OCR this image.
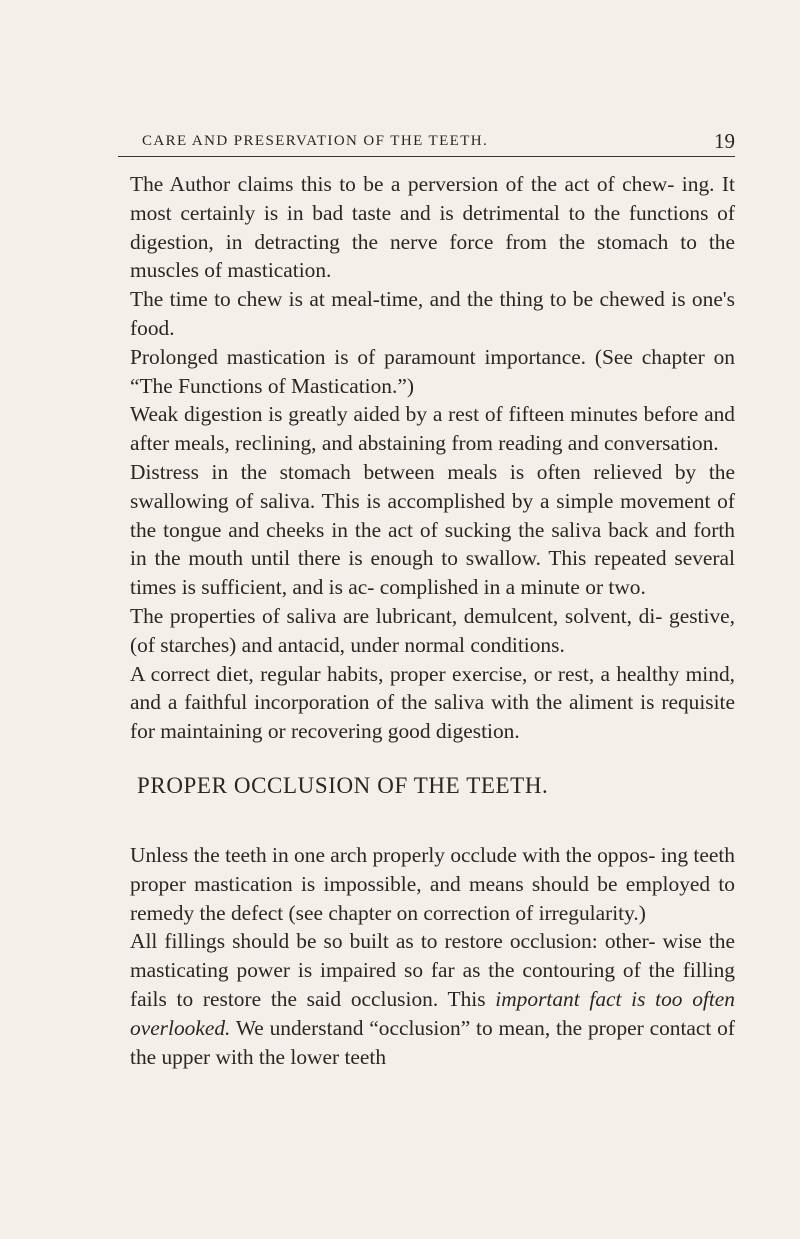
CARE AND PRESERVATION OF THE TEETH.	19

The Author claims this to be a perversion of the act of chew- ing. It most certainly is in bad taste and is detrimental to the functions of digestion, in detracting the nerve force from the stomach to the muscles of mastication.

The time to chew is at meal-time, and the thing to be chewed is one's food.

Prolonged mastication is of paramount importance. (See chapter on “The Functions of Mastication.”)

Weak digestion is greatly aided by a rest of fifteen minutes before and after meals, reclining, and abstaining from reading and conversation.

Distress in the stomach between meals is often relieved by the swallowing of saliva. This is accomplished by a simple movement of the tongue and cheeks in the act of sucking the saliva back and forth in the mouth until there is enough to swallow. This repeated several times is sufficient, and is ac- complished in a minute or two.

The properties of saliva are lubricant, demulcent, solvent, di- gestive, (of starches) and antacid, under normal conditions.

A correct diet, regular habits, proper exercise, or rest, a healthy mind, and a faithful incorporation of the saliva with the aliment is requisite for maintaining or recovering good digestion.

PROPER OCCLUSION OF THE TEETH.

Unless the teeth in one arch properly occlude with the oppos- ing teeth proper mastication is impossible, and means should be employed to remedy the defect (see chapter on correction of irregularity.)

All fillings should be so built as to restore occlusion: other- wise the masticating power is impaired so far as the contouring of the filling fails to restore the said occlusion. This important fact is too often overlooked. We understand “occlusion” to mean, the proper contact of the upper with the lower teeth
